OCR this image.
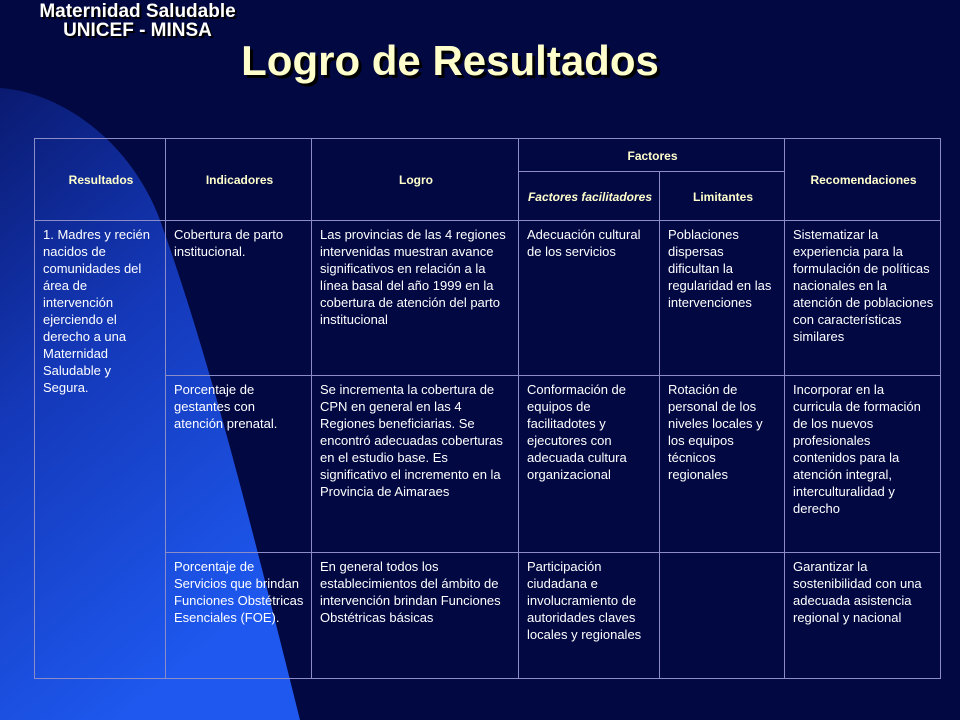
Maternidad Saludable
UNICEF - MINSA
Logro de Resultados
Resultados	Indicadores	Logro	Factores		Recomendaciones
			Factores facilitadores	Limitantes	
1. Madres y recién nacidos de comunidades del área de intervención ejerciendo el derecho a una Maternidad Saludable y Segura.	Cobertura de parto institucional.	Las provincias de las 4 regiones intervenidas muestran avance significativos en relación a la línea basal del año 1999 en la cobertura de atención del parto institucional	Adecuación cultural de los servicios	Poblaciones dispersas dificultan la regularidad en las intervenciones	Sistematizar la experiencia para la formulación de políticas nacionales en la atención de poblaciones con características similares
	Porcentaje de gestantes con atención prenatal.	Se incrementa la cobertura de CPN en general en las 4 Regiones beneficiarias. Se encontró adecuadas coberturas en el estudio base. Es significativo el incremento en la Provincia de Aimaraes	Conformación de equipos de facilitadotes y ejecutores con adecuada cultura organizacional	Rotación de personal de los niveles locales y los equipos técnicos regionales	Incorporar en la curricula de formación de los nuevos profesionales contenidos para la atención integral, interculturalidad y derecho
	Porcentaje de Servicios que brindan Funciones Obstétricas Esenciales (FOE).	En general todos los establecimientos del ámbito de intervención brindan Funciones Obstétricas básicas	Participación ciudadana e involucramiento de autoridades claves locales y regionales		Garantizar la sostenibilidad con una adecuada asistencia regional y nacional
